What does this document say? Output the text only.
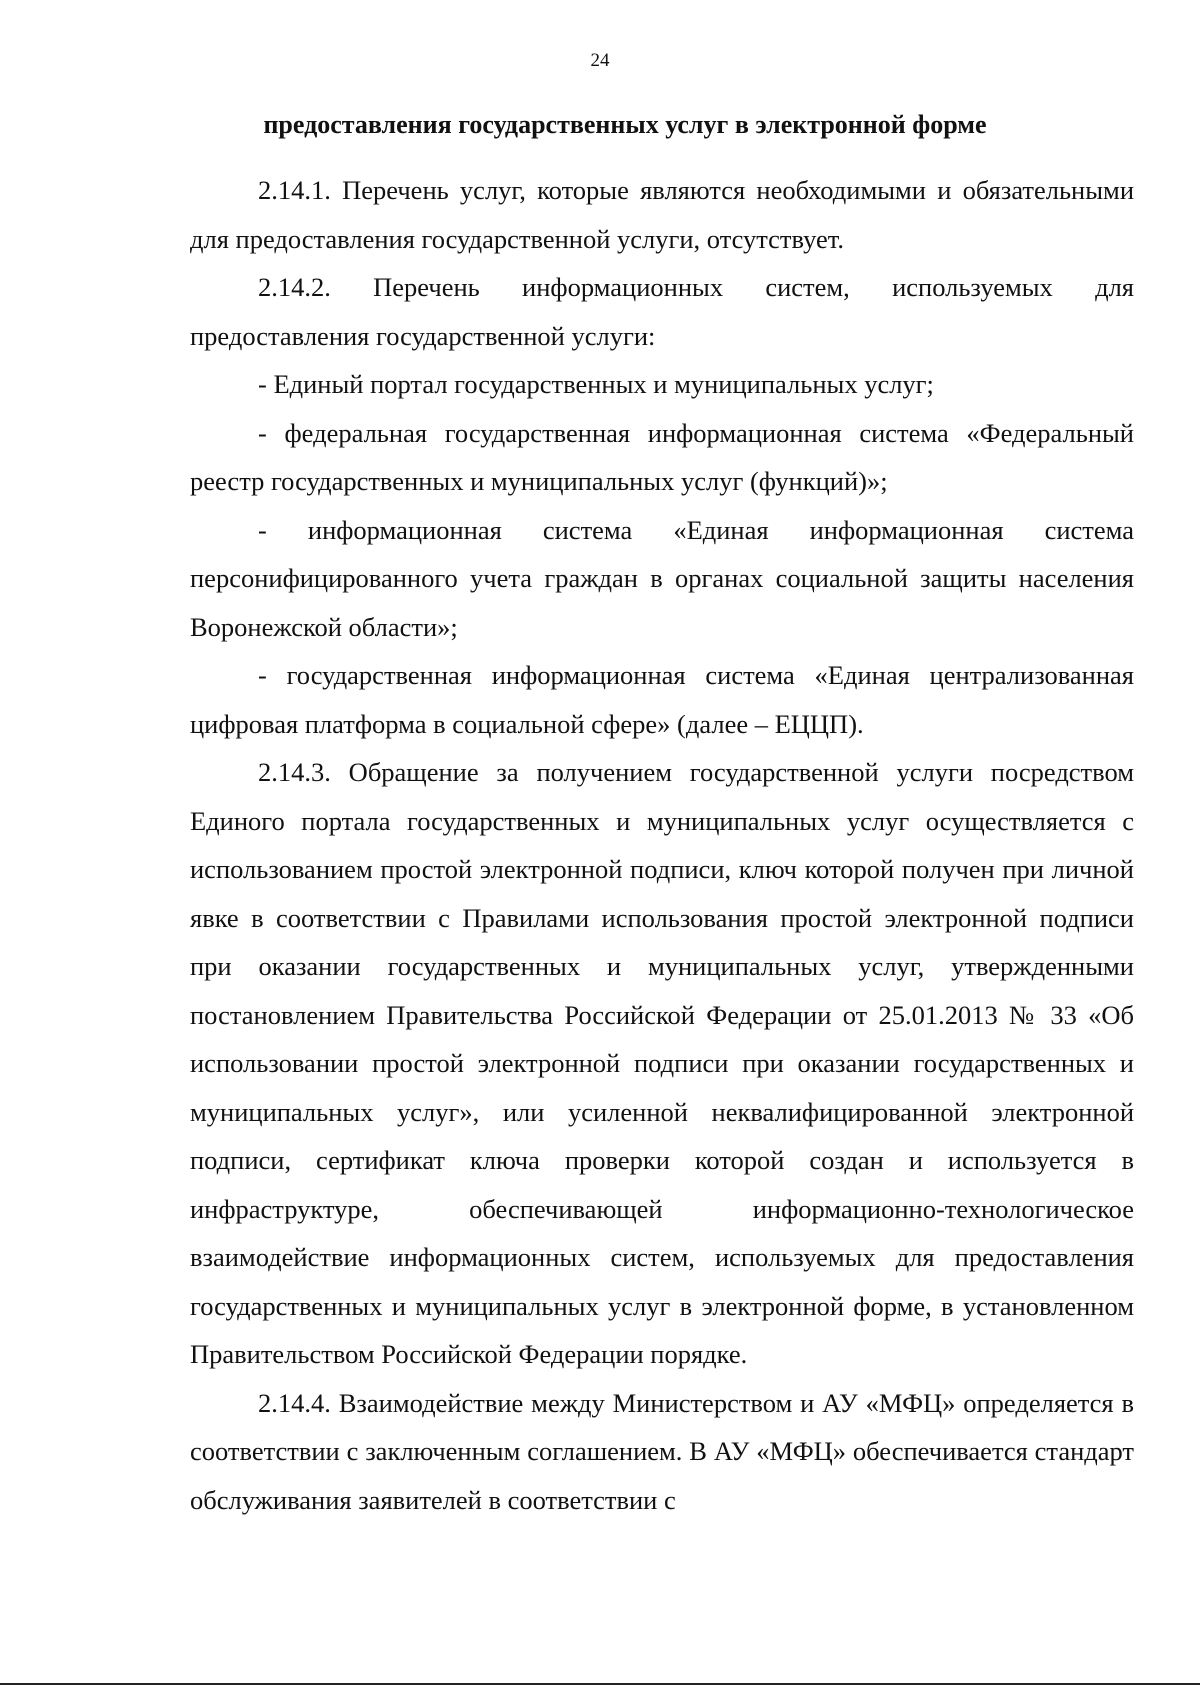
24
предоставления государственных услуг в электронной форме

2.14.1. Перечень услуг, которые являются необходимыми и обязательными для предоставления государственной услуги, отсутствует.

2.14.2. Перечень информационных систем, используемых для предоставления государственной услуги:

- Единый портал государственных и муниципальных услуг;

- федеральная государственная информационная система «Федеральный реестр государственных и муниципальных услуг (функций)»;

- информационная система «Единая информационная система персонифицированного учета граждан в органах социальной защиты населения Воронежской области»;

- государственная информационная система «Единая централизованная цифровая платформа в социальной сфере» (далее – ЕЦЦП).

2.14.3. Обращение за получением государственной услуги посредством Единого портала государственных и муниципальных услуг осуществляется с использованием простой электронной подписи, ключ которой получен при личной явке в соответствии с Правилами использования простой электронной подписи при оказании государственных и муниципальных услуг, утвержденными постановлением Правительства Российской Федерации от 25.01.2013 № 33 «Об использовании простой электронной подписи при оказании государственных и муниципальных услуг», или усиленной неквалифицированной электронной подписи, сертификат ключа проверки которой создан и используется в инфраструктуре, обеспечивающей информационно-технологическое взаимодействие информационных систем, используемых для предоставления государственных и муниципальных услуг в электронной форме, в установленном Правительством Российской Федерации порядке.

2.14.4. Взаимодействие между Министерством и АУ «МФЦ» определяется в соответствии с заключенным соглашением. В АУ «МФЦ» обеспечивается стандарт обслуживания заявителей в соответствии с
